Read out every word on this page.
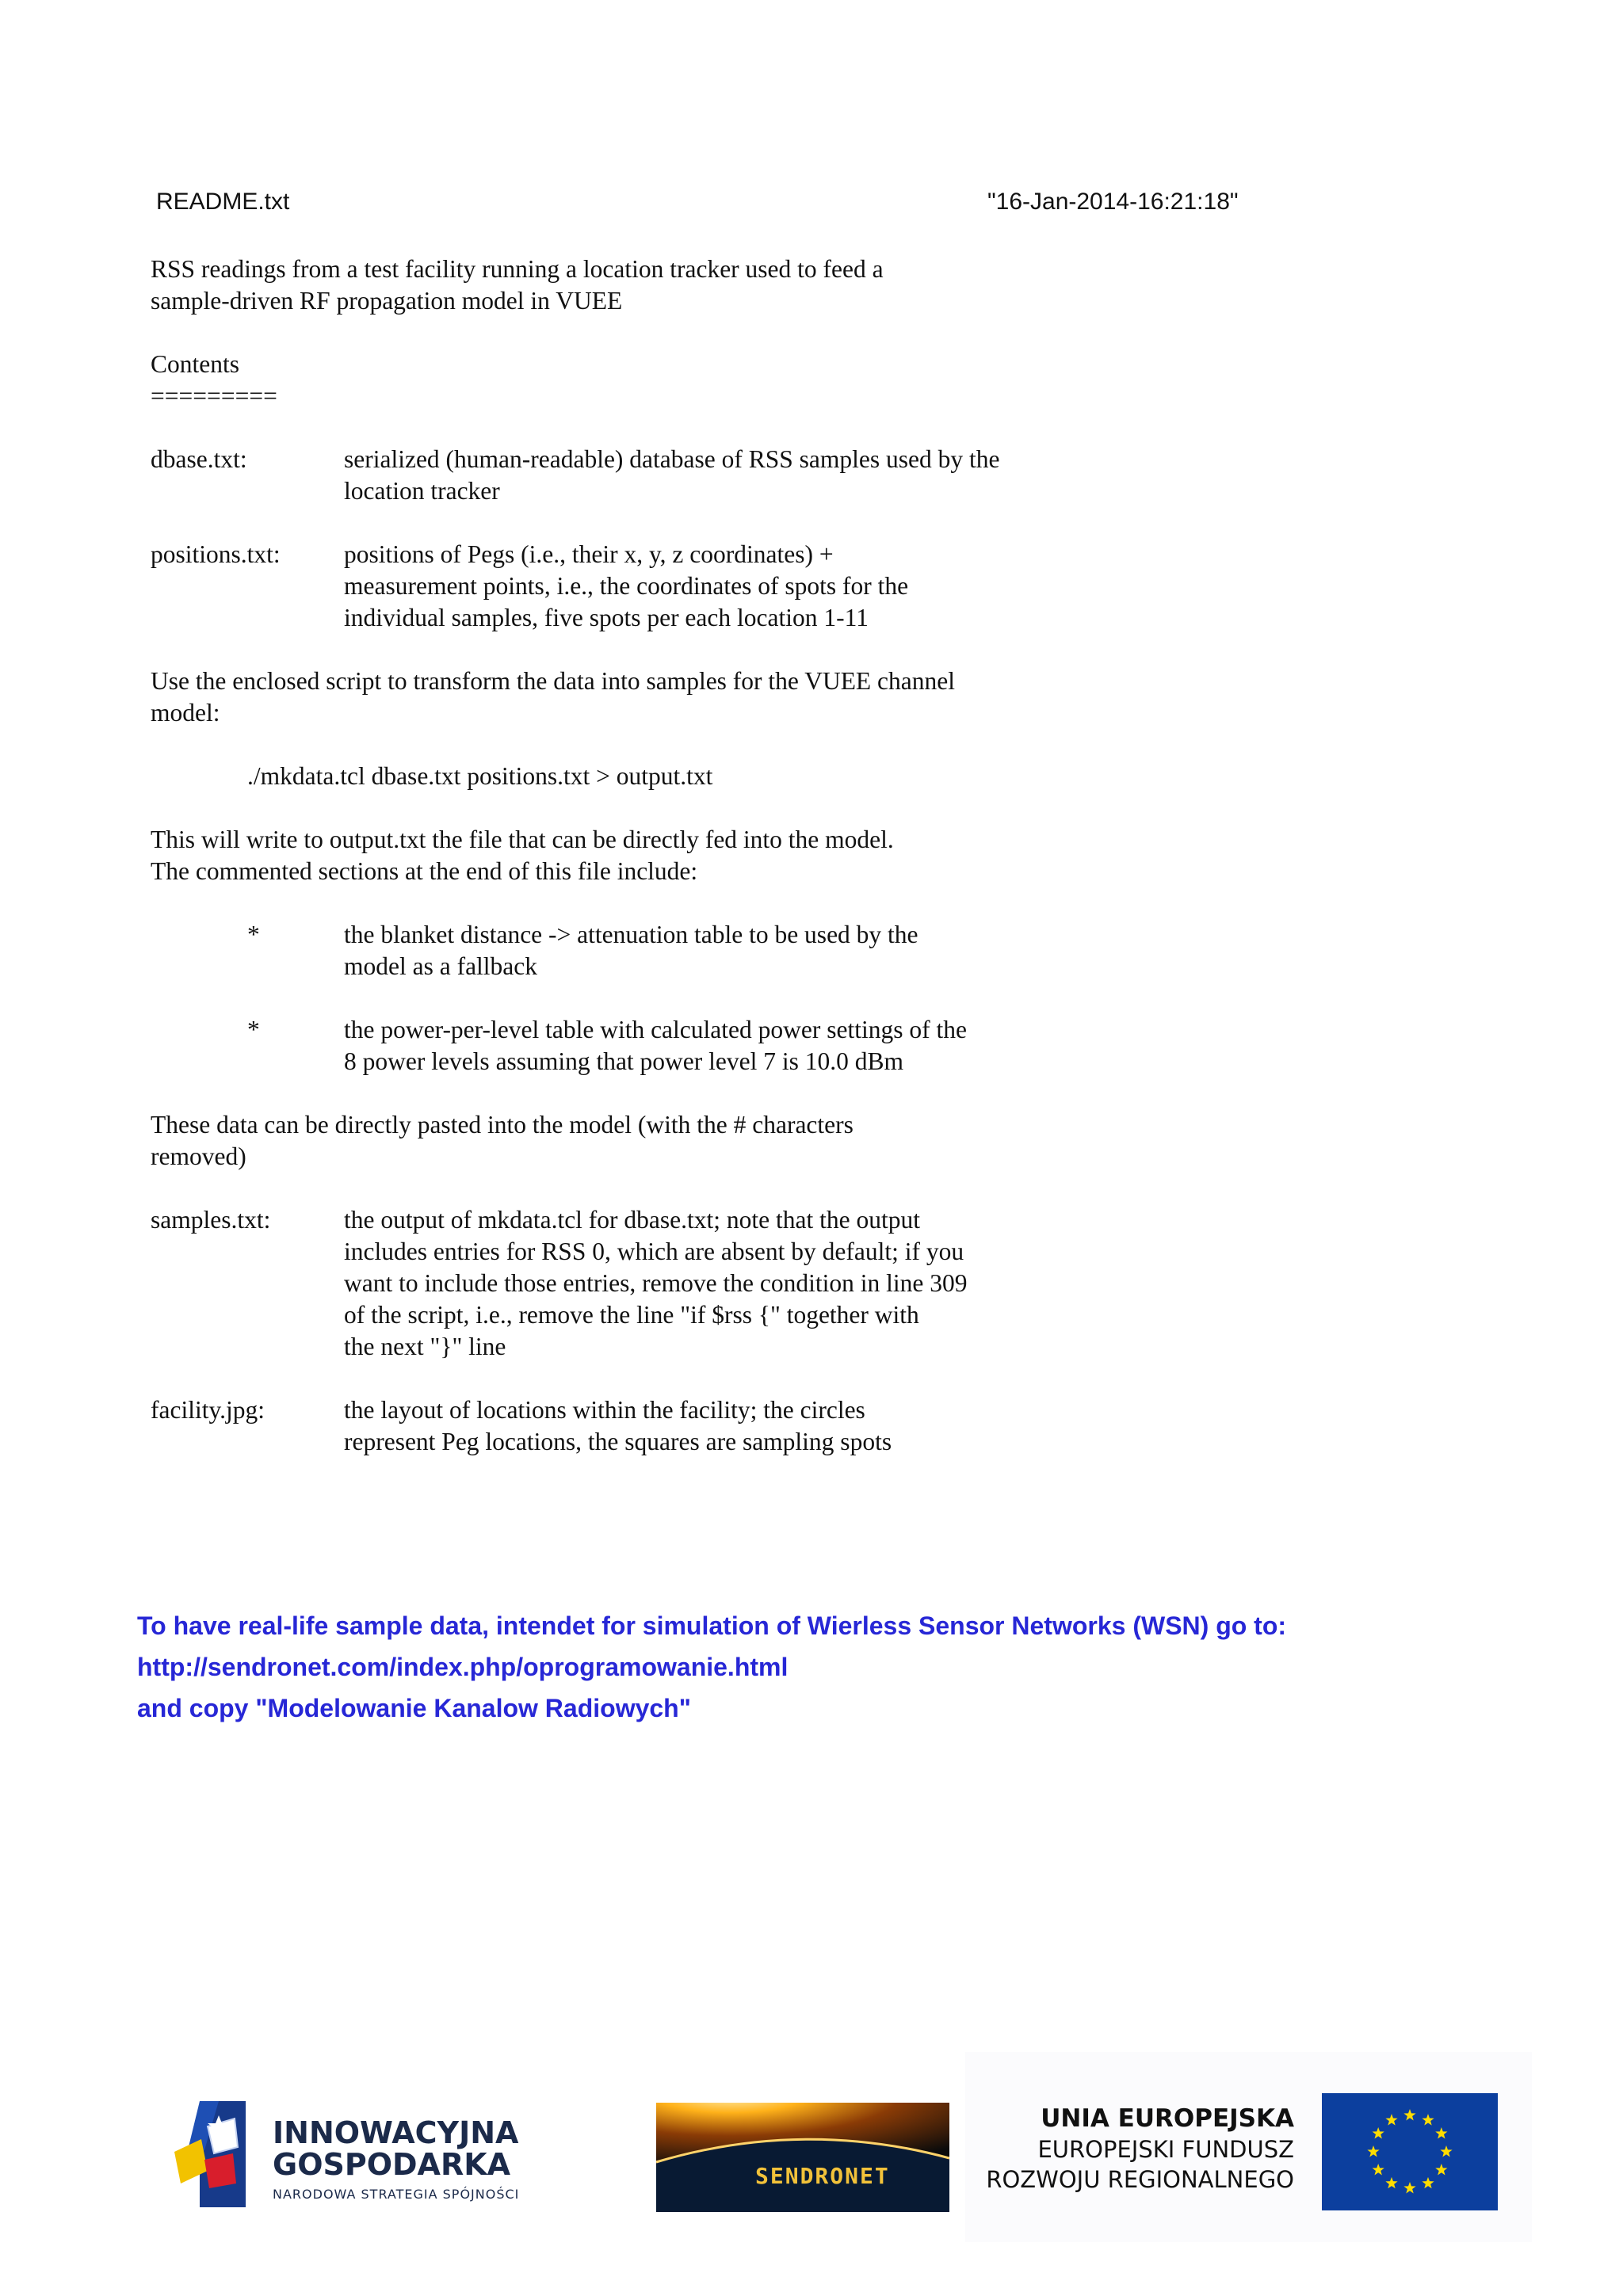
README.txt	"16-Jan-2014-16:21:18"
RSS readings from a test facility running a location tracker used to feed a
sample-driven RF propagation model in VUEE
Contents
=========
dbase.txt:	serialized (human-readable) database of RSS samples used by the
location tracker
positions.txt:	positions of Pegs (i.e., their x, y, z coordinates) +
measurement points, i.e., the coordinates of spots for the
individual samples, five spots per each location 1-11
Use the enclosed script to transform the data into samples for the VUEE channel
model:
./mkdata.tcl dbase.txt positions.txt > output.txt
This will write to output.txt the file that can be directly fed into the model.
The commented sections at the end of this file include:
*	the blanket distance -> attenuation table to be used by the
model as a fallback
*	the power-per-level table with calculated power settings of the
8 power levels assuming that power level 7 is 10.0 dBm
These data can be directly pasted into the model (with the # characters
removed)
samples.txt:	the output of mkdata.tcl for dbase.txt; note that the output
includes entries for RSS 0, which are absent by default; if you
want to include those entries, remove the condition in line 309
of the script, i.e., remove the line "if $rss {" together with
the next "}" line
facility.jpg:	the layout of locations within the facility; the circles
represent Peg locations, the squares are sampling spots
To have real-life sample data, intendet for simulation of Wierless Sensor Networks (WSN) go to:
http://sendronet.com/index.php/oprogramowanie.html
and copy "Modelowanie Kanalow Radiowych"
INNOWACYJNA
GOSPODARKA
NARODOWA STRATEGIA SPÓJNOŚCI
SENDRONET
UNIA EUROPEJSKA
EUROPEJSKI FUNDUSZ
ROZWOJU REGIONALNEGO
